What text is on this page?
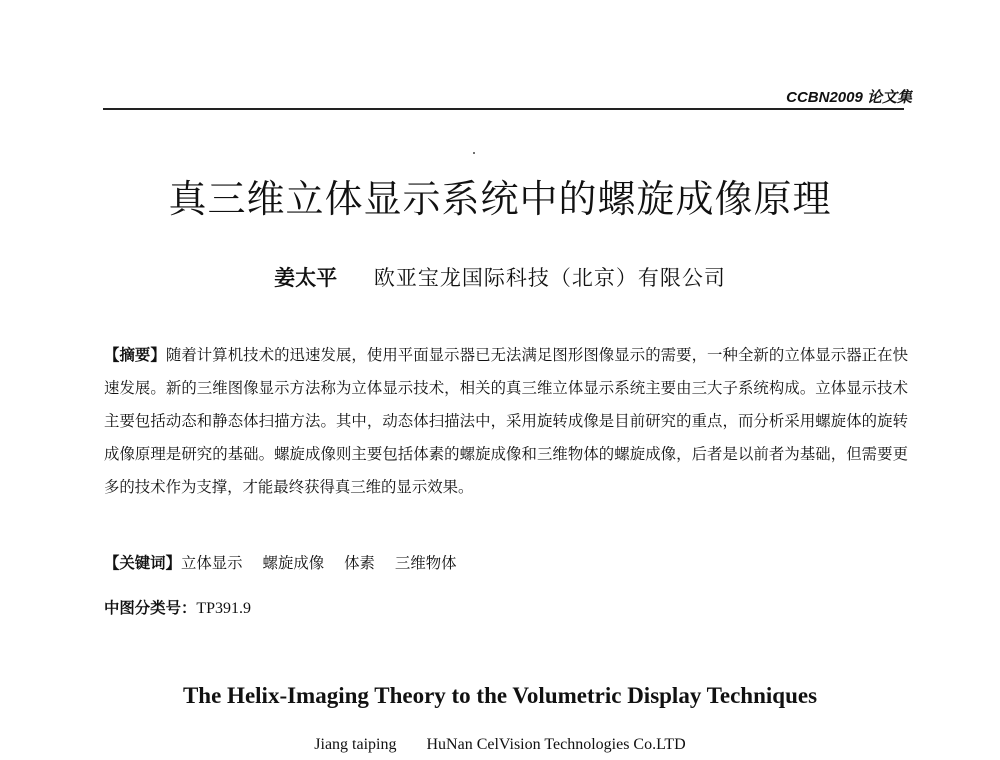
CCBN2009 论文集
真三维立体显示系统中的螺旋成像原理
姜太平 欧亚宝龙国际科技（北京）有限公司
【摘要】随着计算机技术的迅速发展，使用平面显示器已无法满足图形图像显示的需要，一种全新的立体显示器正在快速发展。新的三维图像显示方法称为立体显示技术，相关的真三维立体显示系统主要由三大子系统构成。立体显示技术主要包括动态和静态体扫描方法。其中，动态体扫描法中，采用旋转成像是目前研究的重点，而分析采用螺旋体的旋转成像原理是研究的基础。螺旋成像则主要包括体素的螺旋成像和三维物体的螺旋成像，后者是以前者为基础，但需要更多的技术作为支撑，才能最终获得真三维的显示效果。
【关键词】立体显示 螺旋成像 体素 三维物体
中图分类号：TP391.9
The Helix-Imaging Theory to the Volumetric Display Techniques
Jiang taiping HuNan CelVision Technologies Co.LTD
